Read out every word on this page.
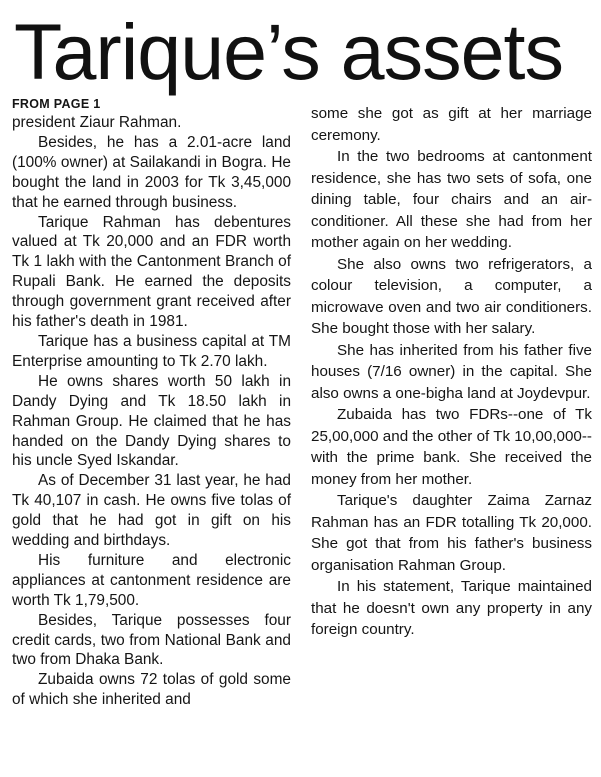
Tarique’s assets
FROM PAGE 1

president Ziaur Rahman.

Besides, he has a 2.01-acre land (100% owner) at Sailakandi in Bogra. He bought the land in 2003 for Tk 3,45,000 that he earned through business.

Tarique Rahman has debentures valued at Tk 20,000 and an FDR worth Tk 1 lakh with the Cantonment Branch of Rupali Bank. He earned the deposits through government grant received after his father's death in 1981.

Tarique has a business capital at TM Enterprise amounting to Tk 2.70 lakh.

He owns shares worth 50 lakh in Dandy Dying and Tk 18.50 lakh in Rahman Group. He claimed that he has handed on the Dandy Dying shares to his uncle Syed Iskandar.

As of December 31 last year, he had Tk 40,107 in cash. He owns five tolas of gold that he had got in gift on his wedding and birthdays.

His furniture and electronic appliances at cantonment residence are worth Tk 1,79,500.

Besides, Tarique possesses four credit cards, two from National Bank and two from Dhaka Bank.

Zubaida owns 72 tolas of gold some of which she inherited and

some she got as gift at her marriage ceremony.

In the two bedrooms at cantonment residence, she has two sets of sofa, one dining table, four chairs and an air-conditioner. All these she had from her mother again on her wedding.

She also owns two refrigerators, a colour television, a computer, a microwave oven and two air conditioners. She bought those with her salary.

She has inherited from his father five houses (7/16 owner) in the capital. She also owns a one-bigha land at Joydevpur.

Zubaida has two FDRs--one of Tk 25,00,000 and the other of Tk 10,00,000--with the prime bank. She received the money from her mother.

Tarique's daughter Zaima Zarnaz Rahman has an FDR totalling Tk 20,000. She got that from his father's business organisation Rahman Group.

In his statement, Tarique maintained that he doesn't own any property in any foreign country.
